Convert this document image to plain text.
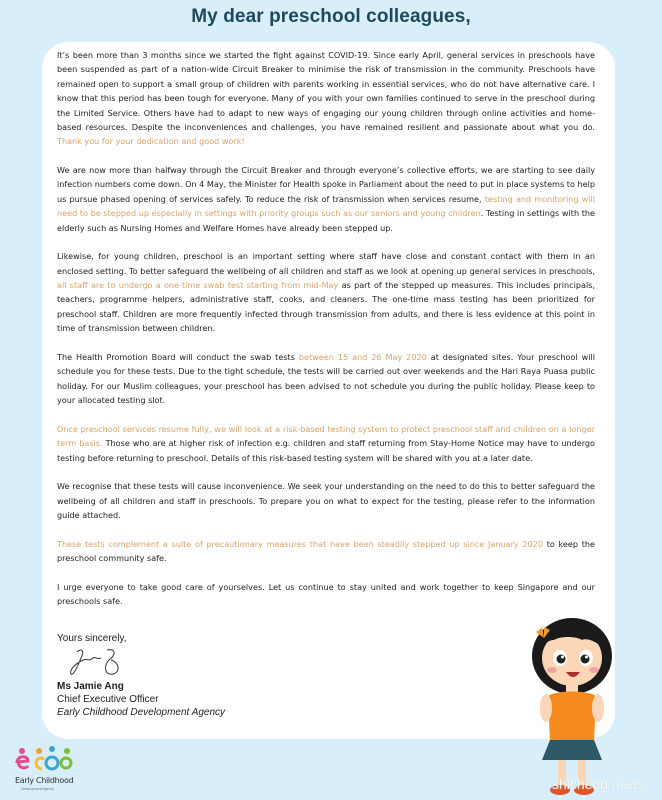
My dear preschool colleagues,

It’s been more than 3 months since we started the fight against COVID-19. Since early April, general services in preschools have been suspended as part of a nation-wide Circuit Breaker to minimise the risk of transmission in the community. Preschools have remained open to support a small group of children with parents working in essential services, who do not have alternative care. I know that this period has been tough for everyone. Many of you with your own families continued to serve in the preschool during the Limited Service. Others have had to adapt to new ways of engaging our young children through online activities and home-based resources. Despite the inconveniences and challenges, you have remained resilient and passionate about what you do. Thank you for your dedication and good work!

We are now more than halfway through the Circuit Breaker and through everyone’s collective efforts, we are starting to see daily infection numbers come down. On 4 May, the Minister for Health spoke in Parliament about the need to put in place systems to help us pursue phased opening of services safely. To reduce the risk of transmission when services resume, testing and monitoring will need to be stepped up especially in settings with priority groups such as our seniors and young children. Testing in settings with the elderly such as Nursing Homes and Welfare Homes have already been stepped up.

Likewise, for young children, preschool is an important setting where staff have close and constant contact with them in an enclosed setting. To better safeguard the wellbeing of all children and staff as we look at opening up general services in preschools, all staff are to undergo a one-time swab test starting from mid-May as part of the stepped up measures. This includes principals, teachers, programme helpers, administrative staff, cooks, and cleaners. The one-time mass testing has been prioritized for preschool staff. Children are more frequently infected through transmission from adults, and there is less evidence at this point in time of transmission between children.

The Health Promotion Board will conduct the swab tests between 15 and 26 May 2020 at designated sites. Your preschool will schedule you for these tests. Due to the tight schedule, the tests will be carried out over weekends and the Hari Raya Puasa public holiday. For our Muslim colleagues, your preschool has been advised to not schedule you during the public holiday. Please keep to your allocated testing slot.

Once preschool services resume fully, we will look at a risk-based testing system to protect preschool staff and children on a longer term basis. Those who are at higher risk of infection e.g. children and staff returning from Stay-Home Notice may have to undergo testing before returning to preschool. Details of this risk-based testing system will be shared with you at a later date.

We recognise that these tests will cause inconvenience. We seek your understanding on the need to do this to better safeguard the wellbeing of all children and staff in preschools. To prepare you on what to expect for the testing, please refer to the information guide attached.

These tests complement a suite of precautionary measures that have been steadily stepped up since January 2020 to keep the preschool community safe.

I urge everyone to take good care of yourselves. Let us continue to stay united and work together to keep Singapore and our preschools safe.

Yours sincerely,
Ms Jamie Ang
Chief Executive Officer
Early Childhood Development Agency
Early Childhood
Development Agency	shicheng.news
